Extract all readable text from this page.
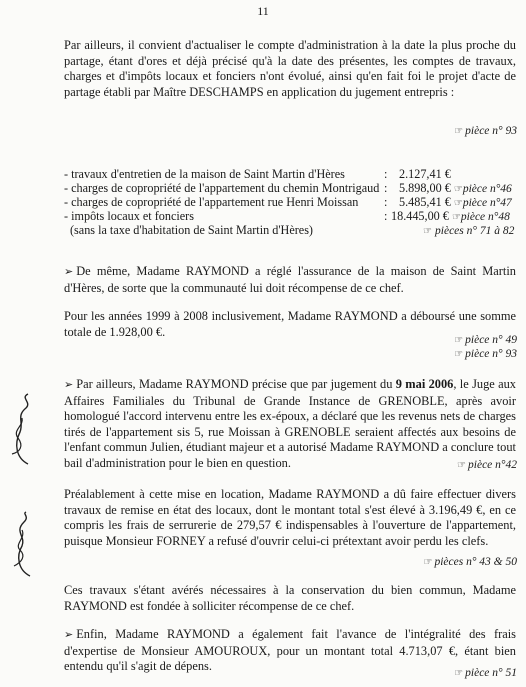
11
Par ailleurs, il convient d'actualiser le compte d'administration à la date la plus proche du partage, étant d'ores et déjà précisé qu'à la date des présentes, les comptes de travaux, charges et d'impôts locaux et fonciers n'ont évolué, ainsi qu'en fait foi le projet d'acte de partage établi par Maître DESCHAMPS en application du jugement entrepris :
☞ pièce n° 93
- travaux d'entretien de la maison de Saint Martin d'Hères	: 2.127,41 €
- charges de copropriété de l'appartement du chemin Montrigaud : 5.898,00 € ☞pièce n°46
- charges de copropriété de l'appartement rue Henri Moissan : 5.485,41 € ☞pièce n°47
- impôts locaux et fonciers	: 18.445,00 € ☞pièce n°48
(sans la taxe d'habitation de Saint Martin d'Hères)	☞ pièces n° 71 à 82
➢ De même, Madame RAYMOND a réglé l'assurance de la maison de Saint Martin d'Hères, de sorte que la communauté lui doit récompense de ce chef.
Pour les années 1999 à 2008 inclusivement, Madame RAYMOND a déboursé une somme totale de 1.928,00 €.
☞ pièce n° 49
☞ pièce n° 93
➢ Par ailleurs, Madame RAYMOND précise que par jugement du 9 mai 2006, le Juge aux Affaires Familiales du Tribunal de Grande Instance de GRENOBLE, après avoir homologué l'accord intervenu entre les ex-époux, a déclaré que les revenus nets de charges tirés de l'appartement sis 5, rue Moissan à GRENOBLE seraient affectés aux besoins de l'enfant commun Julien, étudiant majeur et a autorisé Madame RAYMOND a conclure tout bail d'administration pour le bien en question.	☞ pièce n°42
Préalablement à cette mise en location, Madame RAYMOND a dû faire effectuer divers travaux de remise en état des locaux, dont le montant total s'est élevé à 3.196,49 €, en ce compris les frais de serrurerie de 279,57 € indispensables à l'ouverture de l'appartement, puisque Monsieur FORNEY a refusé d'ouvrir celui-ci prétextant avoir perdu les clefs.
☞ pièces n° 43 & 50
Ces travaux s'étant avérés nécessaires à la conservation du bien commun, Madame RAYMOND est fondée à solliciter récompense de ce chef.
➢ Enfin, Madame RAYMOND a également fait l'avance de l'intégralité des frais d'expertise de Monsieur AMOUROUX, pour un montant total 4.713,07 €, étant bien entendu qu'il s'agit de dépens.
☞ pièce n° 51
